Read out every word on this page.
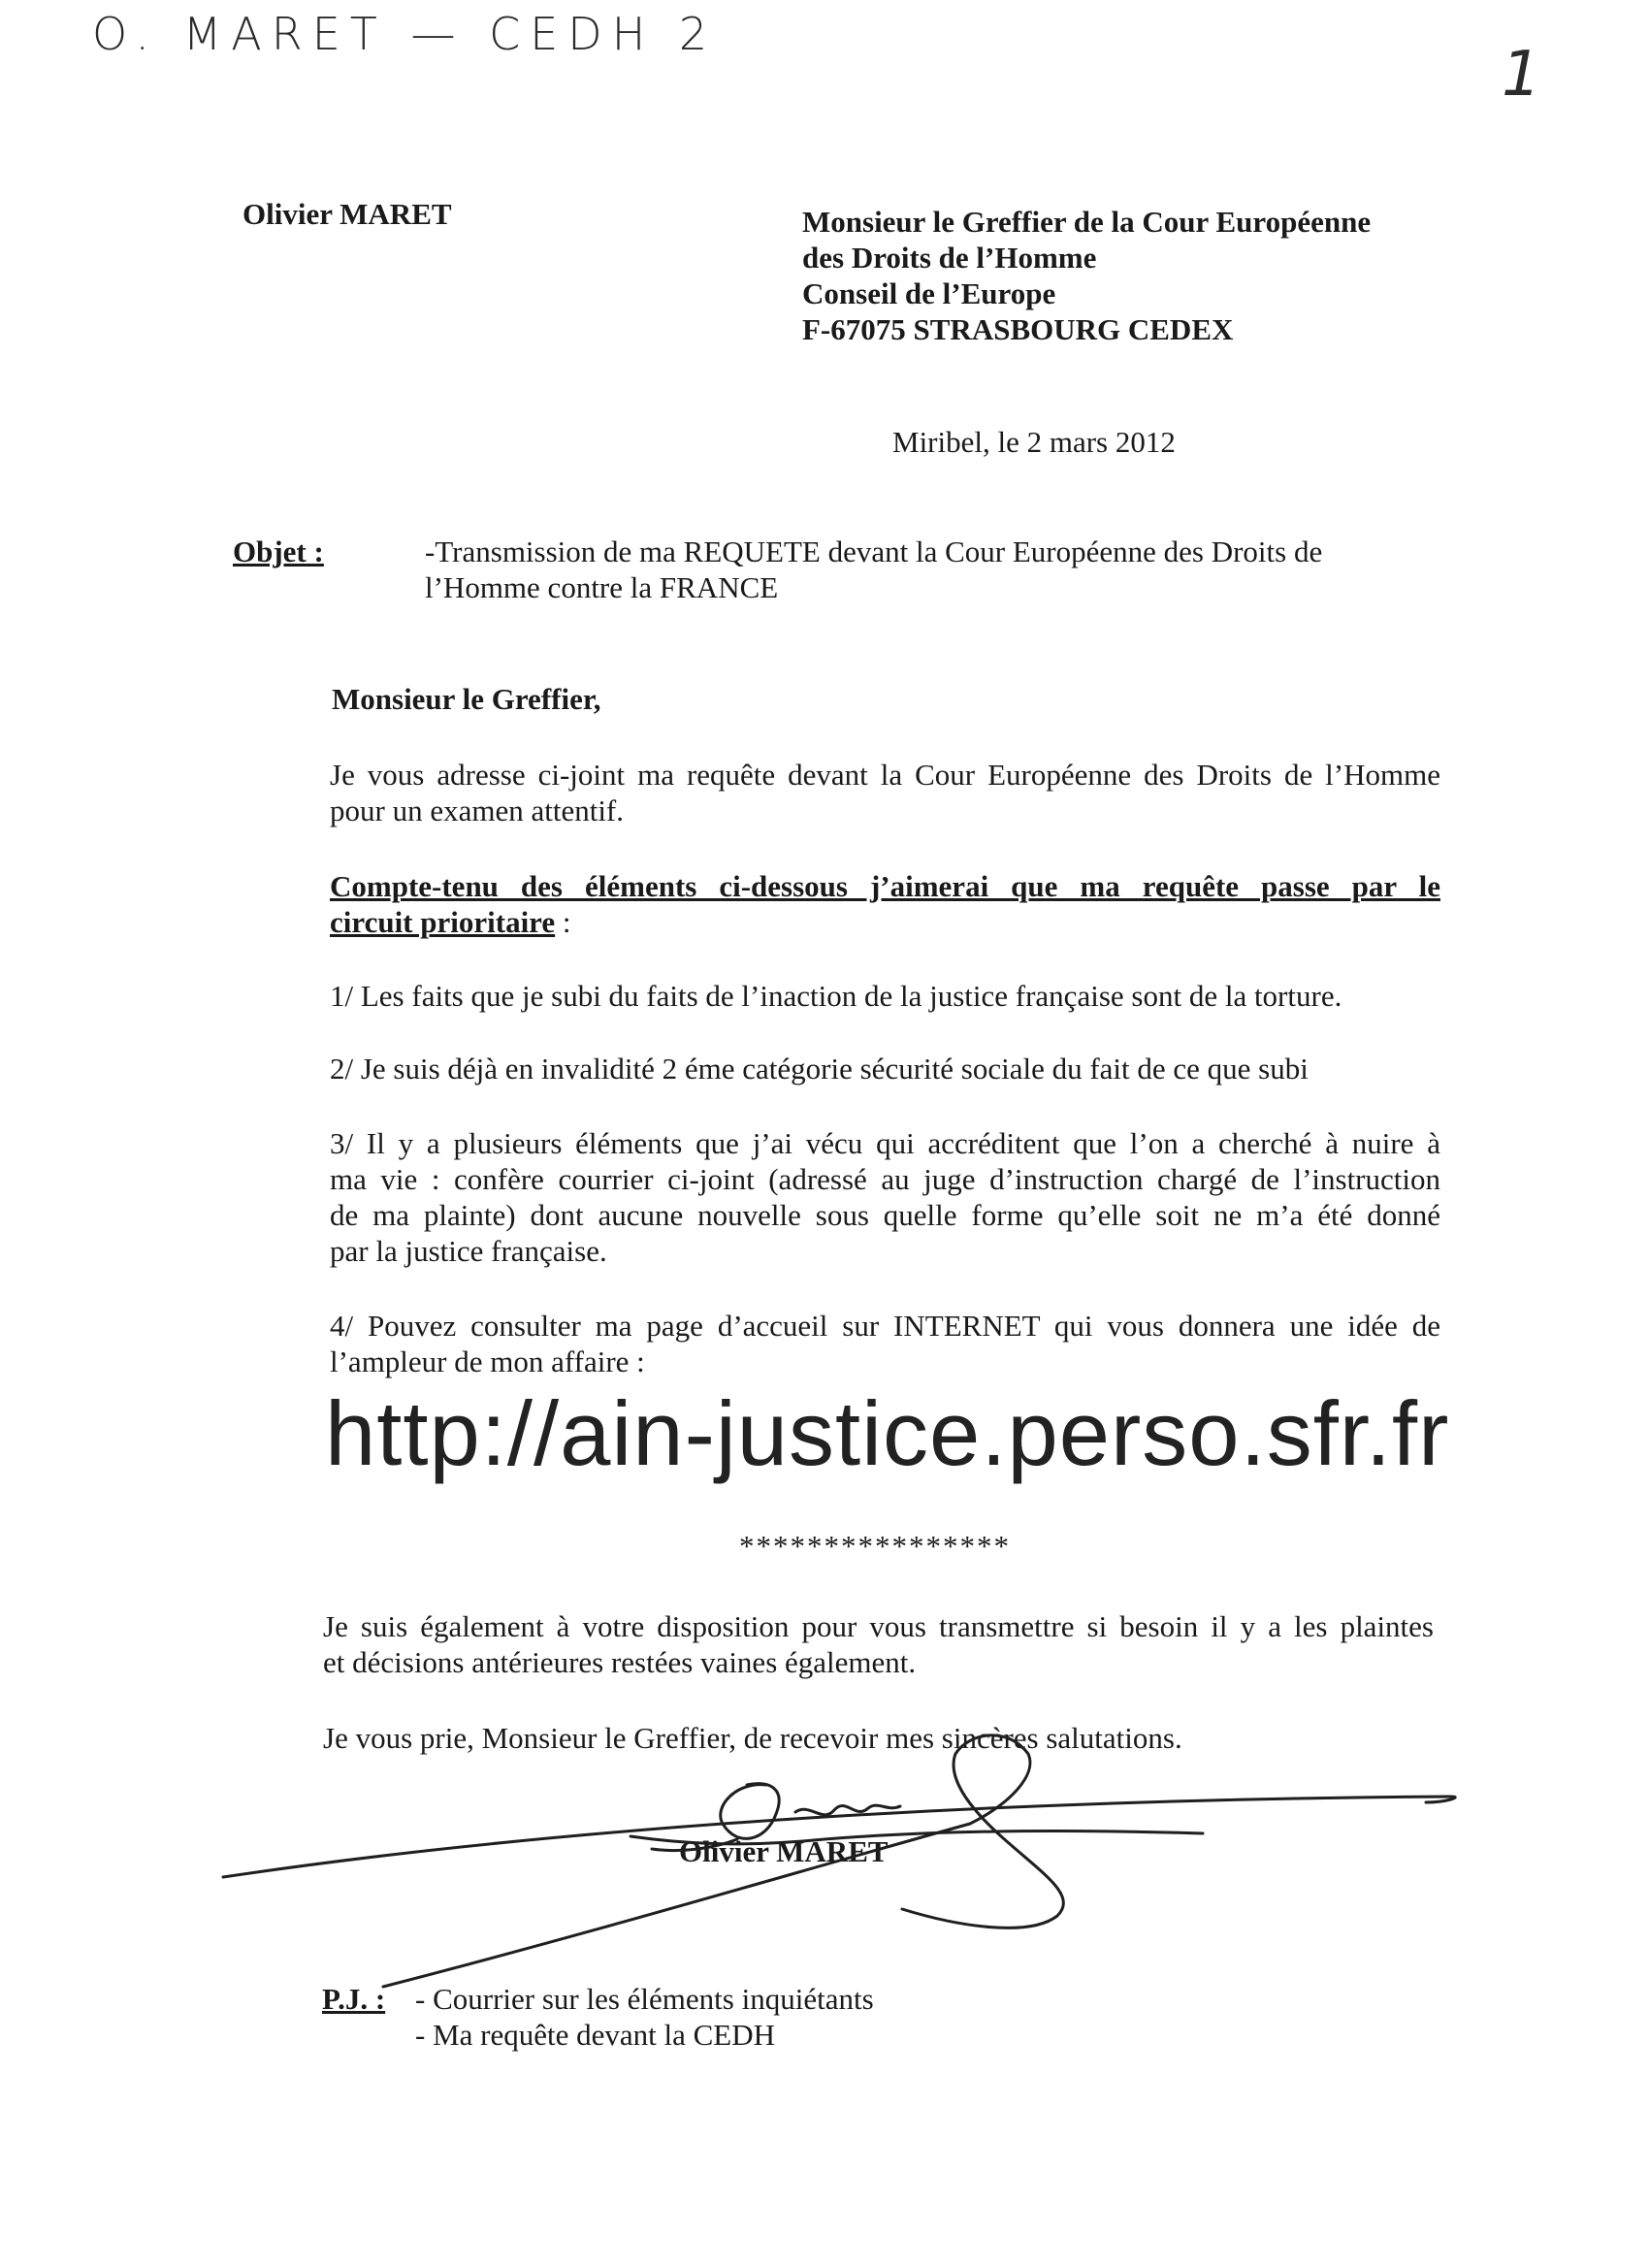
O. MARET — CEDH 2
1
Olivier MARET	Monsieur le Greffier de la Cour Européenne
des Droits de l’Homme
Conseil de l’Europe
F-67075 STRASBOURG CEDEX
Miribel, le 2 mars 2012
Objet :	-Transmission de ma REQUETE devant la Cour Européenne des Droits de
l’Homme contre la FRANCE
Monsieur le Greffier,
Je vous adresse ci-joint ma requête devant la Cour Européenne des Droits de l’Homme
pour un examen attentif.
Compte-tenu des éléments ci-dessous j’aimerai que ma requête passe par le
circuit prioritaire :
1/ Les faits que je subi du faits de l’inaction de la justice française sont de la torture.
2/ Je suis déjà en invalidité 2 éme catégorie sécurité sociale du fait de ce que subi
3/ Il y a plusieurs éléments que j’ai vécu qui accréditent que l’on a cherché à nuire à
ma vie : confère courrier ci-joint (adressé au juge d’instruction chargé de l’instruction
de ma plainte) dont aucune nouvelle sous quelle forme qu’elle soit ne m’a été donné
par la justice française.
4/ Pouvez consulter ma page d’accueil sur INTERNET qui vous donnera une idée de
l’ampleur de mon affaire :
http://ain-justice.perso.sfr.fr
****************
Je suis également à votre disposition pour vous transmettre si besoin il y a les plaintes
et décisions antérieures restées vaines également.
Je vous prie, Monsieur le Greffier, de recevoir mes sincères salutations.
Olivier MARET
P.J. : - Courrier sur les éléments inquiétants
- Ma requête devant la CEDH
